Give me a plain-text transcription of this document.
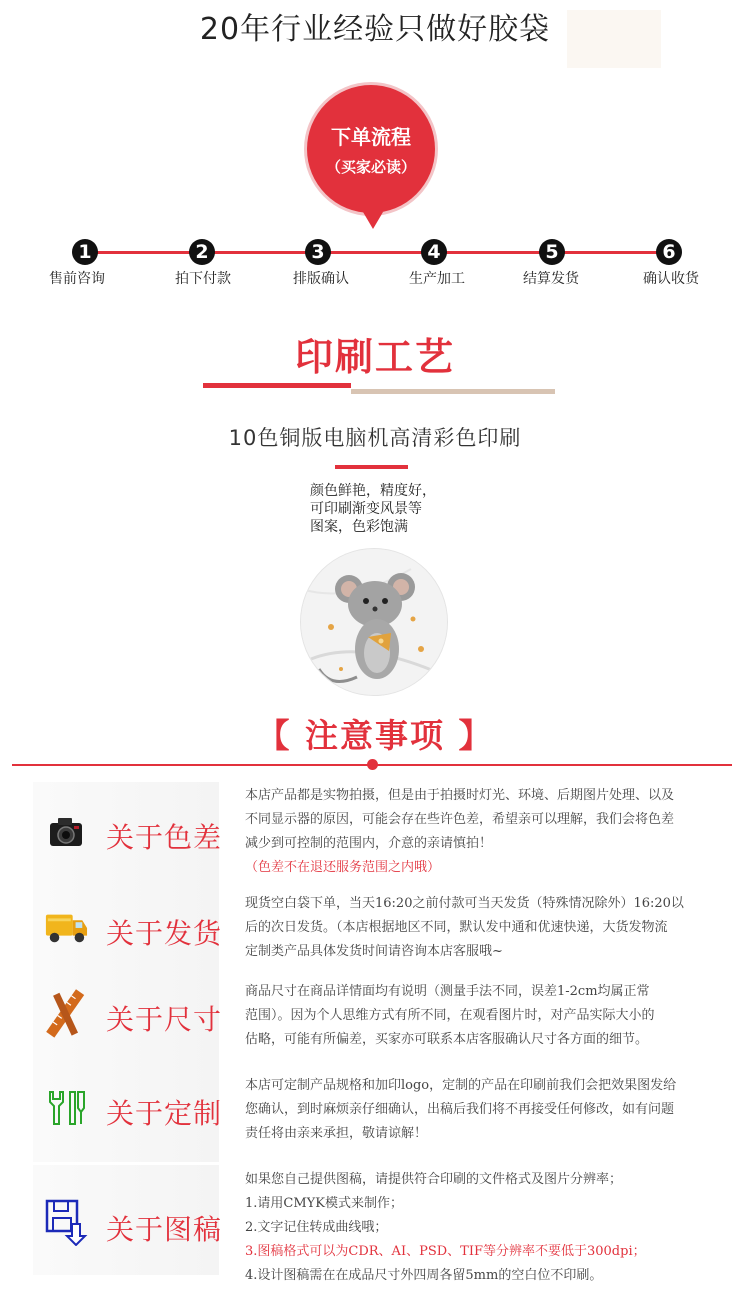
20年行业经验只做好胶袋
下单流程
（买家必读）
1	2	3	4	5	6
售前咨询	拍下付款	排版确认	生产加工	结算发货	确认收货
印刷工艺
10色铜版电脑机高清彩色印刷
颜色鲜艳，精度好，
可印刷渐变风景等
图案，色彩饱满
【 注意事项 】
关于色差
本店产品都是实物拍摄，但是由于拍摄时灯光、环境、后期图片处理、以及
不同显示器的原因，可能会存在些许色差，希望亲可以理解，我们会将色差
减少到可控制的范围内，介意的亲请慎拍！
（色差不在退还服务范围之内哦）
关于发货
现货空白袋下单，当天16:20之前付款可当天发货（特殊情况除外）16:20以
后的次日发货。（本店根据地区不同，默认发中通和优速快递，大货发物流
定制类产品具体发货时间请咨询本店客服哦~
关于尺寸
商品尺寸在商品详情面均有说明（测量手法不同，误差1-2cm均属正常
范围）。因为个人思维方式有所不同，在观看图片时，对产品实际大小的
估略，可能有所偏差，买家亦可联系本店客服确认尺寸各方面的细节。
关于定制
本店可定制产品规格和加印logo，定制的产品在印刷前我们会把效果图发给
您确认，到时麻烦亲仔细确认，出稿后我们将不再接受任何修改，如有问题
责任将由亲来承担，敬请谅解！
关于图稿
如果您自己提供图稿，请提供符合印刷的文件格式及图片分辨率；
1.请用CMYK模式来制作；
2.文字记住转成曲线哦；
3.图稿格式可以为CDR、AI、PSD、TIF等分辨率不要低于300dpi；
4.设计图稿需在在成品尺寸外四周各留5mm的空白位不印刷。
